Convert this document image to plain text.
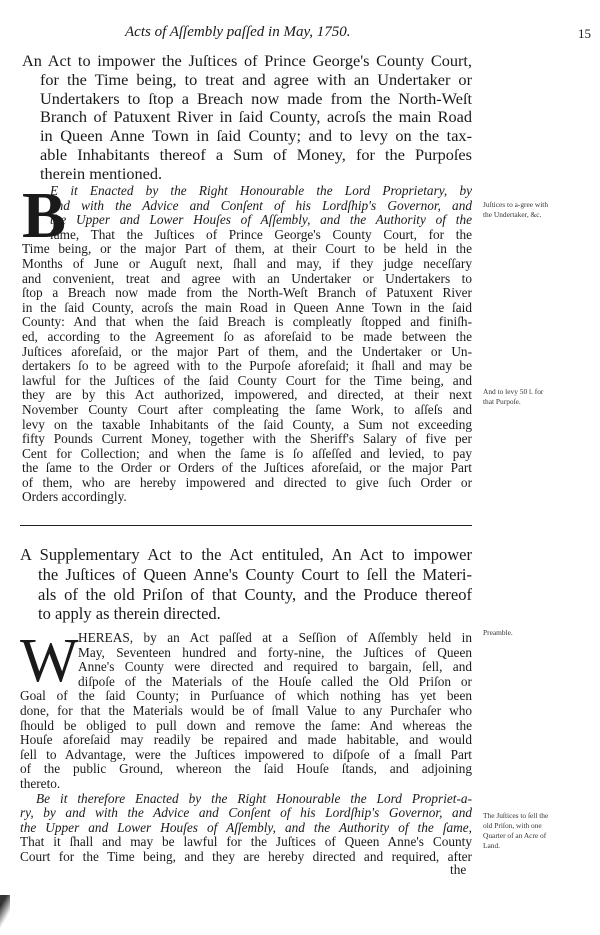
Acts of Aſſembly paſſed in May, 1750.	15
An Act to impower the Juſtices of Prince George's County Court,
for the Time being, to treat and agree with an Undertaker or
Undertakers to ſtop a Breach now made from the North-Weſt
Branch of Patuxent River in ſaid County, acroſs the main Road
in Queen Anne Town in ſaid County; and to levy on the tax-
able Inhabitants thereof a Sum of Money, for the Purpoſes
therein mentioned.
B
E it Enacted by the Right Honourable the Lord Proprietary, by
and with the Advice and Conſent of his Lordſhip's Governor, and
the Upper and Lower Houſes of Aſſembly, and the Authority of the
ſame, That the Juſtices of Prince George's County Court, for the
Time being, or the major Part of them, at their Court to be held in the
Months of June or Auguſt next, ſhall and may, if they judge neceſſary
and convenient, treat and agree with an Undertaker or Undertakers to
ſtop a Breach now made from the North-Weſt Branch of Patuxent River
in the ſaid County, acroſs the main Road in Queen Anne Town in the ſaid
County: And that when the ſaid Breach is compleatly ſtopped and finiſh-
ed, according to the Agreement ſo as aforeſaid to be made between the
Juſtices aforeſaid, or the major Part of them, and the Undertaker or Un-
dertakers ſo to be agreed with to the Purpoſe aforeſaid; it ſhall and may be
lawful for the Juſtices of the ſaid County Court for the Time being, and
they are by this Act authorized, impowered, and directed, at their next
November County Court after compleating the ſame Work, to aſſeſs and
levy on the taxable Inhabitants of the ſaid County, a Sum not exceeding
fifty Pounds Current Money, together with the Sheriff's Salary of five per
Cent for Collection; and when the ſame is ſo aſſeſſed and levied, to pay
the ſame to the Order or Orders of the Juſtices aforeſaid, or the major Part
of them, who are hereby impowered and directed to give ſuch Order or
Orders accordingly.
Juſtices to a-gree with the Undertaker, &c.
And to levy 50 l. for that Purpoſe.
A Supplementary Act to the Act entituled, An Act to impower
the Juſtices of Queen Anne's County Court to ſell the Materi-
als of the old Priſon of that County, and the Produce thereof
to apply as therein directed.
W HEREAS, by an Act paſſed at a Seſſion of Aſſembly held in
May, Seventeen hundred and forty-nine, the Juſtices of Queen
Anne's County were directed and required to bargain, ſell, and
diſpoſe of the Materials of the Houſe called the Old Priſon or
Goal of the ſaid County; in Purſuance of which nothing has yet been
done, for that the Materials would be of ſmall Value to any Purchaſer who
ſhould be obliged to pull down and remove the ſame: And whereas the
Houſe aforeſaid may readily be repaired and made habitable, and would
ſell to Advantage, were the Juſtices impowered to diſpoſe of a ſmall Part
of the public Ground, whereon the ſaid Houſe ſtands, and adjoining
thereto.
Be it therefore Enacted by the Right Honourable the Lord Propriet-a-
ry, by and with the Advice and Conſent of his Lordſhip's Governor, and
the Upper and Lower Houſes of Aſſembly, and the Authority of the ſame,
That it ſhall and may be lawful for the Juſtices of Queen Anne's County
Court for the Time being, and they are hereby directed and required, after
the
Preamble.
The Juſtices to ſell the old Priſon, with one Quarter of an Acre of Land.
